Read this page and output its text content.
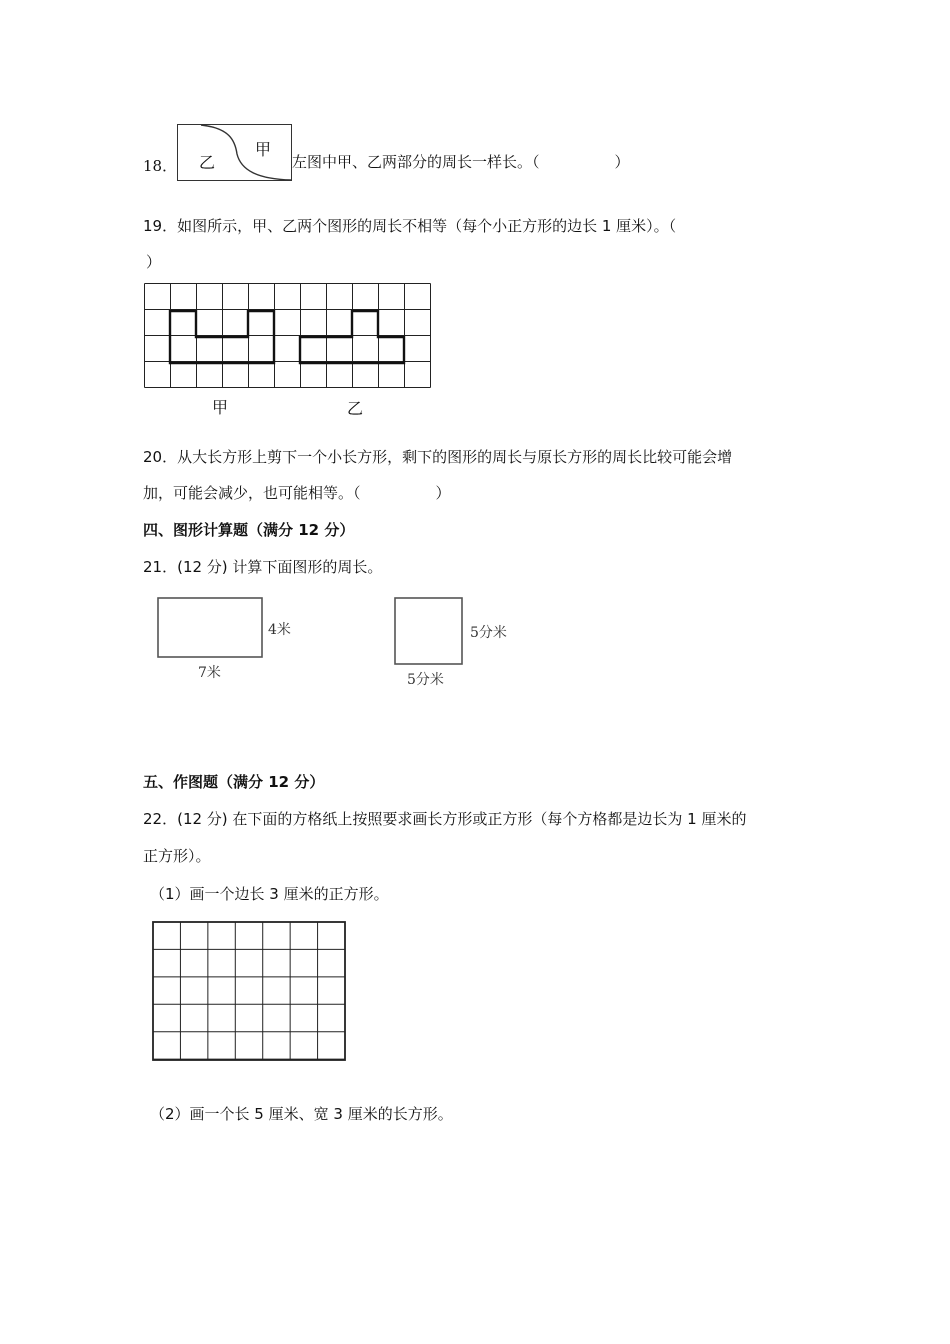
18． 乙
甲
左图中甲、乙两部分的周长一样长。（　　　　　）
19．如图所示，甲、乙两个图形的周长不相等（每个小正方形的边长 1 厘米）。（
）
甲	乙
20．从大长方形上剪下一个小长方形，剩下的图形的周长与原长方形的周长比较可能会增
加，可能会减少，也可能相等。（　　　　　）
四、图形计算题（满分 12 分）
21．(12 分) 计算下面图形的周长。
4米
7米
5分米
5分米
五、作图题（满分 12 分）
22．(12 分) 在下面的方格纸上按照要求画长方形或正方形（每个方格都是边长为 1 厘米的
正方形）。
（1）画一个边长 3 厘米的正方形。
（2）画一个长 5 厘米、宽 3 厘米的长方形。
